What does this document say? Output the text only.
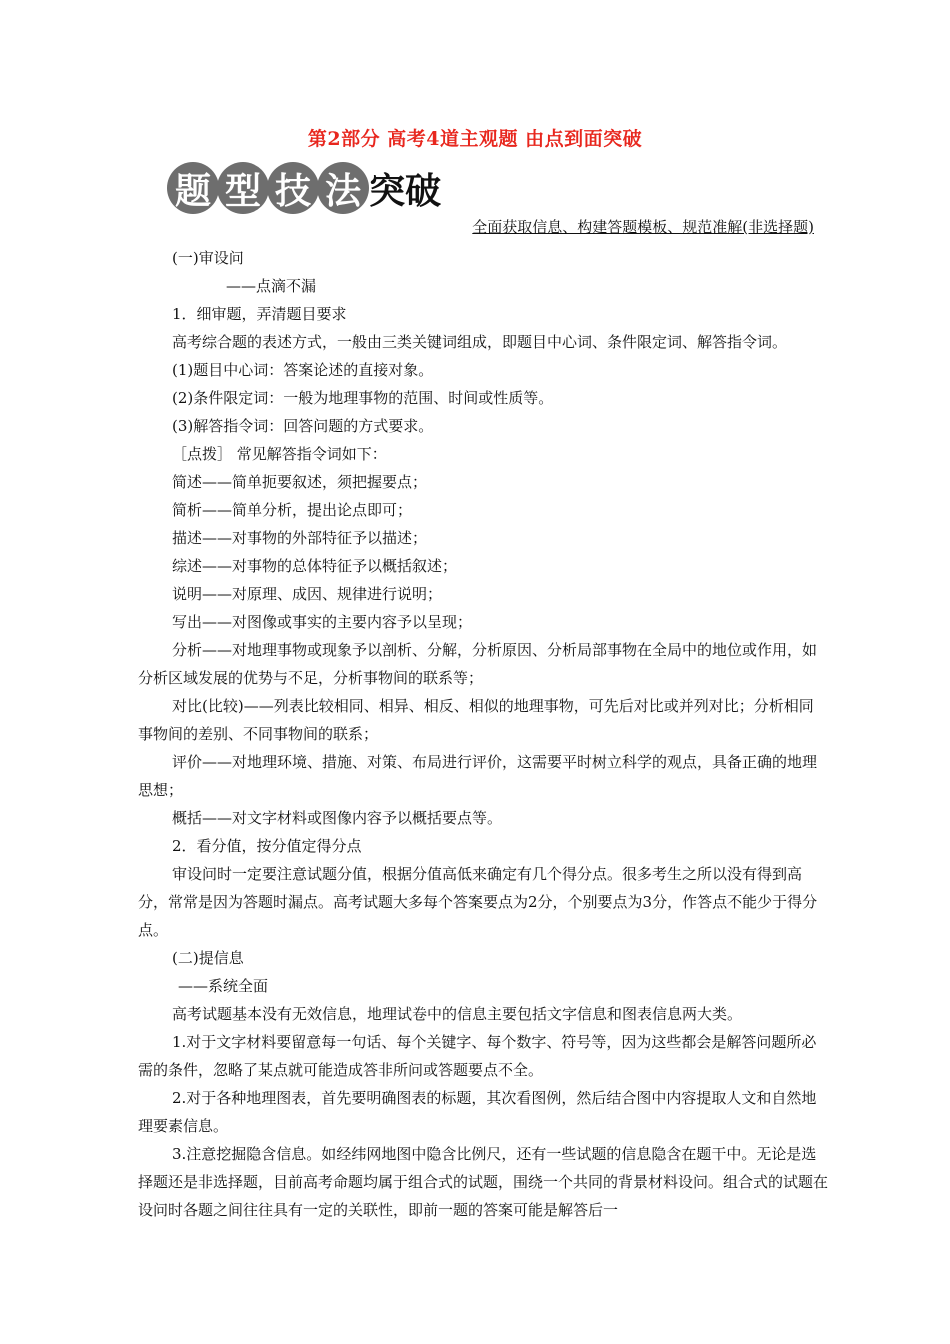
第2部分 高考4道主观题 由点到面突破
题 型 技 法 突破
全面获取信息、构建答题模板、规范准解(非选择题)

(一)审设问

——点滴不漏

1．细审题，弄清题目要求

高考综合题的表述方式，一般由三类关键词组成，即题目中心词、条件限定词、解答指令词。

(1)题目中心词：答案论述的直接对象。

(2)条件限定词：一般为地理事物的范围、时间或性质等。

(3)解答指令词：回答问题的方式要求。

［点拨］ 常见解答指令词如下：

简述——简单扼要叙述，须把握要点；

简析——简单分析，提出论点即可；

描述——对事物的外部特征予以描述；

综述——对事物的总体特征予以概括叙述；

说明——对原理、成因、规律进行说明；

写出——对图像或事实的主要内容予以呈现；

分析——对地理事物或现象予以剖析、分解，分析原因、分析局部事物在全局中的地位或作用，如分析区域发展的优势与不足，分析事物间的联系等；

对比(比较)——列表比较相同、相异、相反、相似的地理事物，可先后对比或并列对比；分析相同事物间的差别、不同事物间的联系；

评价——对地理环境、措施、对策、布局进行评价，这需要平时树立科学的观点，具备正确的地理思想；

概括——对文字材料或图像内容予以概括要点等。

2．看分值，按分值定得分点

审设问时一定要注意试题分值，根据分值高低来确定有几个得分点。很多考生之所以没有得到高分，常常是因为答题时漏点。高考试题大多每个答案要点为2分，个别要点为3分，作答点不能少于得分点。

(二)提信息

——系统全面

高考试题基本没有无效信息，地理试卷中的信息主要包括文字信息和图表信息两大类。

1.对于文字材料要留意每一句话、每个关键字、每个数字、符号等，因为这些都会是解答问题所必需的条件，忽略了某点就可能造成答非所问或答题要点不全。

2.对于各种地理图表，首先要明确图表的标题，其次看图例，然后结合图中内容提取人文和自然地理要素信息。

3.注意挖掘隐含信息。如经纬网地图中隐含比例尺，还有一些试题的信息隐含在题干中。无论是选择题还是非选择题，目前高考命题均属于组合式的试题，围绕一个共同的背景材料设问。组合式的试题在设问时各题之间往往具有一定的关联性，即前一题的答案可能是解答后一
